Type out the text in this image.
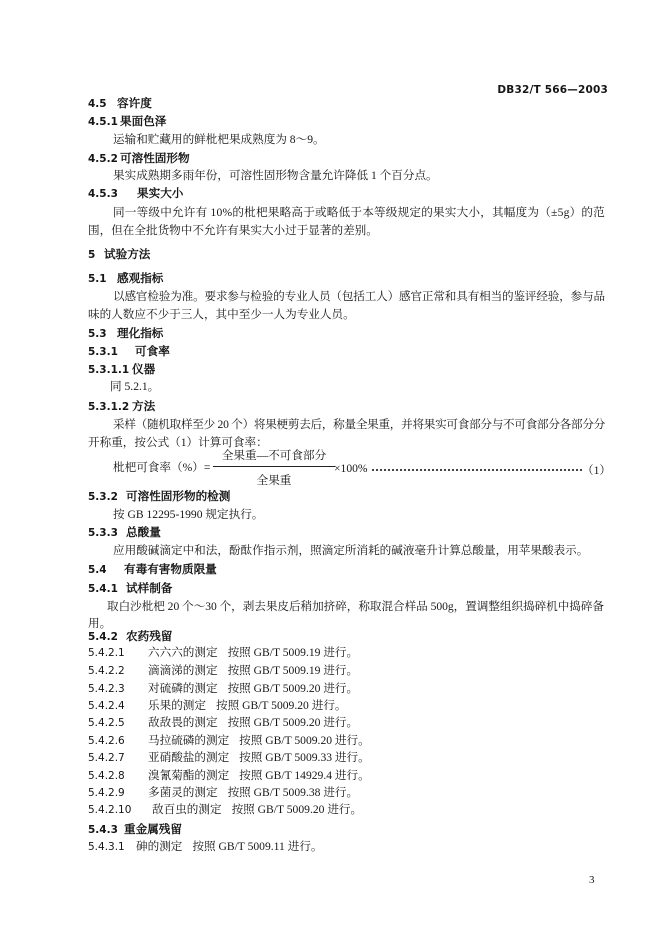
DB32/T 566—2003
4.5 容许度
4.5.1 果面色泽
运输和贮藏用的鲜枇杷果成熟度为 8～9。
4.5.2 可溶性固形物
果实成熟期多雨年份，可溶性固形物含量允许降低 1 个百分点。
4.5.3 果实大小
同一等级中允许有 10%的枇杷果略高于或略低于本等级规定的果实大小，其幅度为（±5g）的范
围，但在全批货物中不允许有果实大小过于显著的差别。
5 试验方法
5.1 感观指标
以感官检验为准。要求参与检验的专业人员（包括工人）感官正常和具有相当的鉴评经验，参与品
味的人数应不少于三人，其中至少一人为专业人员。
5.3 理化指标
5.3.1 可食率
5.3.1.1 仪器
同 5.2.1。
5.3.1.2 方法
采样（随机取样至少 20 个）将果梗剪去后，称量全果重，并将果实可食部分与不可食部分各部分分
开称重，按公式（1）计算可食率：
枇杷可食率（%）=
全果重—不可食部分
全果重
×100%	（1）
5.3.2 可溶性固形物的检测
按 GB 12295-1990 规定执行。
5.3.3 总酸量
应用酸碱滴定中和法，酚酞作指示剂，照滴定所消耗的碱液毫升计算总酸量，用苹果酸表示。
5.4 有毒有害物质限量
5.4.1 试样制备
取白沙枇杷 20 个～30 个，剥去果皮后稍加挤碎，称取混合样品 500g，置调整组织捣碎机中捣碎备
用。
5.4.2 农药残留
5.4.2.1 六六六的测定 按照 GB/T 5009.19 进行。
5.4.2.2 滴滴涕的测定 按照 GB/T 5009.19 进行。
5.4.2.3 对硫磷的测定 按照 GB/T 5009.20 进行。
5.4.2.4 乐果的测定 按照 GB/T 5009.20 进行。
5.4.2.5 敌敌畏的测定 按照 GB/T 5009.20 进行。
5.4.2.6 马拉硫磷的测定 按照 GB/T 5009.20 进行。
5.4.2.7 亚硝酸盐的测定 按照 GB/T 5009.33 进行。
5.4.2.8 溴氰菊酯的测定 按照 GB/T 14929.4 进行。
5.4.2.9 多菌灵的测定 按照 GB/T 5009.38 进行。
5.4.2.10 敌百虫的测定 按照 GB/T 5009.20 进行。
5.4.3 重金属残留
5.4.3.1 砷的测定 按照 GB/T 5009.11 进行。
3
